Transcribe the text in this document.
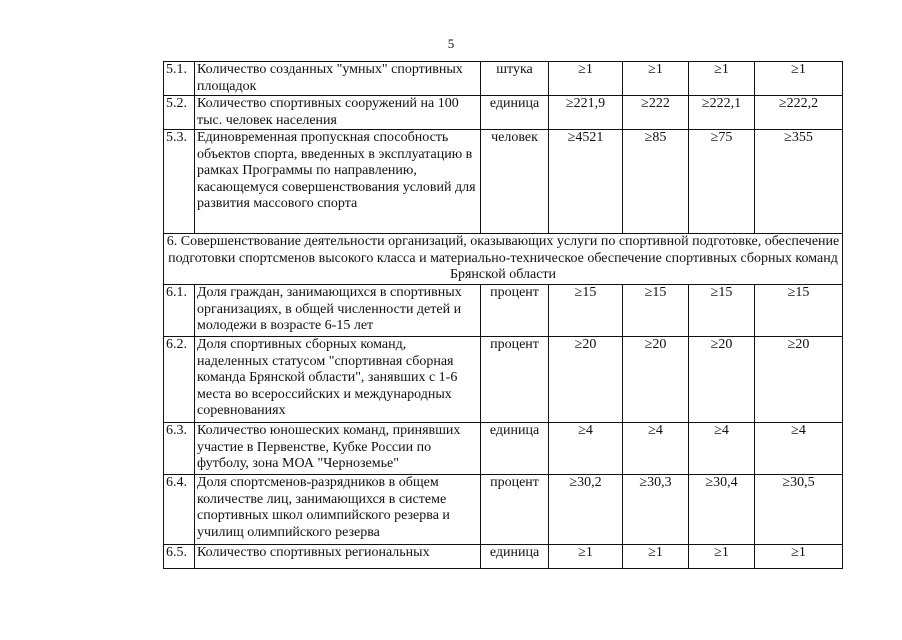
5
5.1.	Количество созданных "умных" спортивных площадок	штука	≥1	≥1	≥1	≥1
5.2.	Количество спортивных сооружений на 100 тыс. человек населения	единица	≥221,9	≥222	≥222,1	≥222,2
5.3.	Единовременная пропускная способность объектов спорта, введенных в эксплуатацию в рамках Программы по направлению, касающемуся совершенствования условий для развития массового спорта	человек	≥4521	≥85	≥75	≥355
6. Совершенствование деятельности организаций, оказывающих услуги по спортивной подготовке, обеспечение подготовки спортсменов высокого класса и материально-техническое обеспечение спортивных сборных команд Брянской области						
6.1.	Доля граждан, занимающихся в спортивных организациях, в общей численности детей и молодежи в возрасте 6-15 лет	процент	≥15	≥15	≥15	≥15
6.2.	Доля спортивных сборных команд, наделенных статусом "спортивная сборная команда Брянской области", занявших с 1-6 места во всероссийских и международных соревнованиях	процент	≥20	≥20	≥20	≥20
6.3.	Количество юношеских команд, принявших участие в Первенстве, Кубке России по футболу, зона МОА "Черноземье"	единица	≥4	≥4	≥4	≥4
6.4.	Доля спортсменов-разрядников в общем количестве лиц, занимающихся в системе спортивных школ олимпийского резерва и училищ олимпийского резерва	процент	≥30,2	≥30,3	≥30,4	≥30,5
6.5.	Количество спортивных региональных	единица	≥1	≥1	≥1	≥1
